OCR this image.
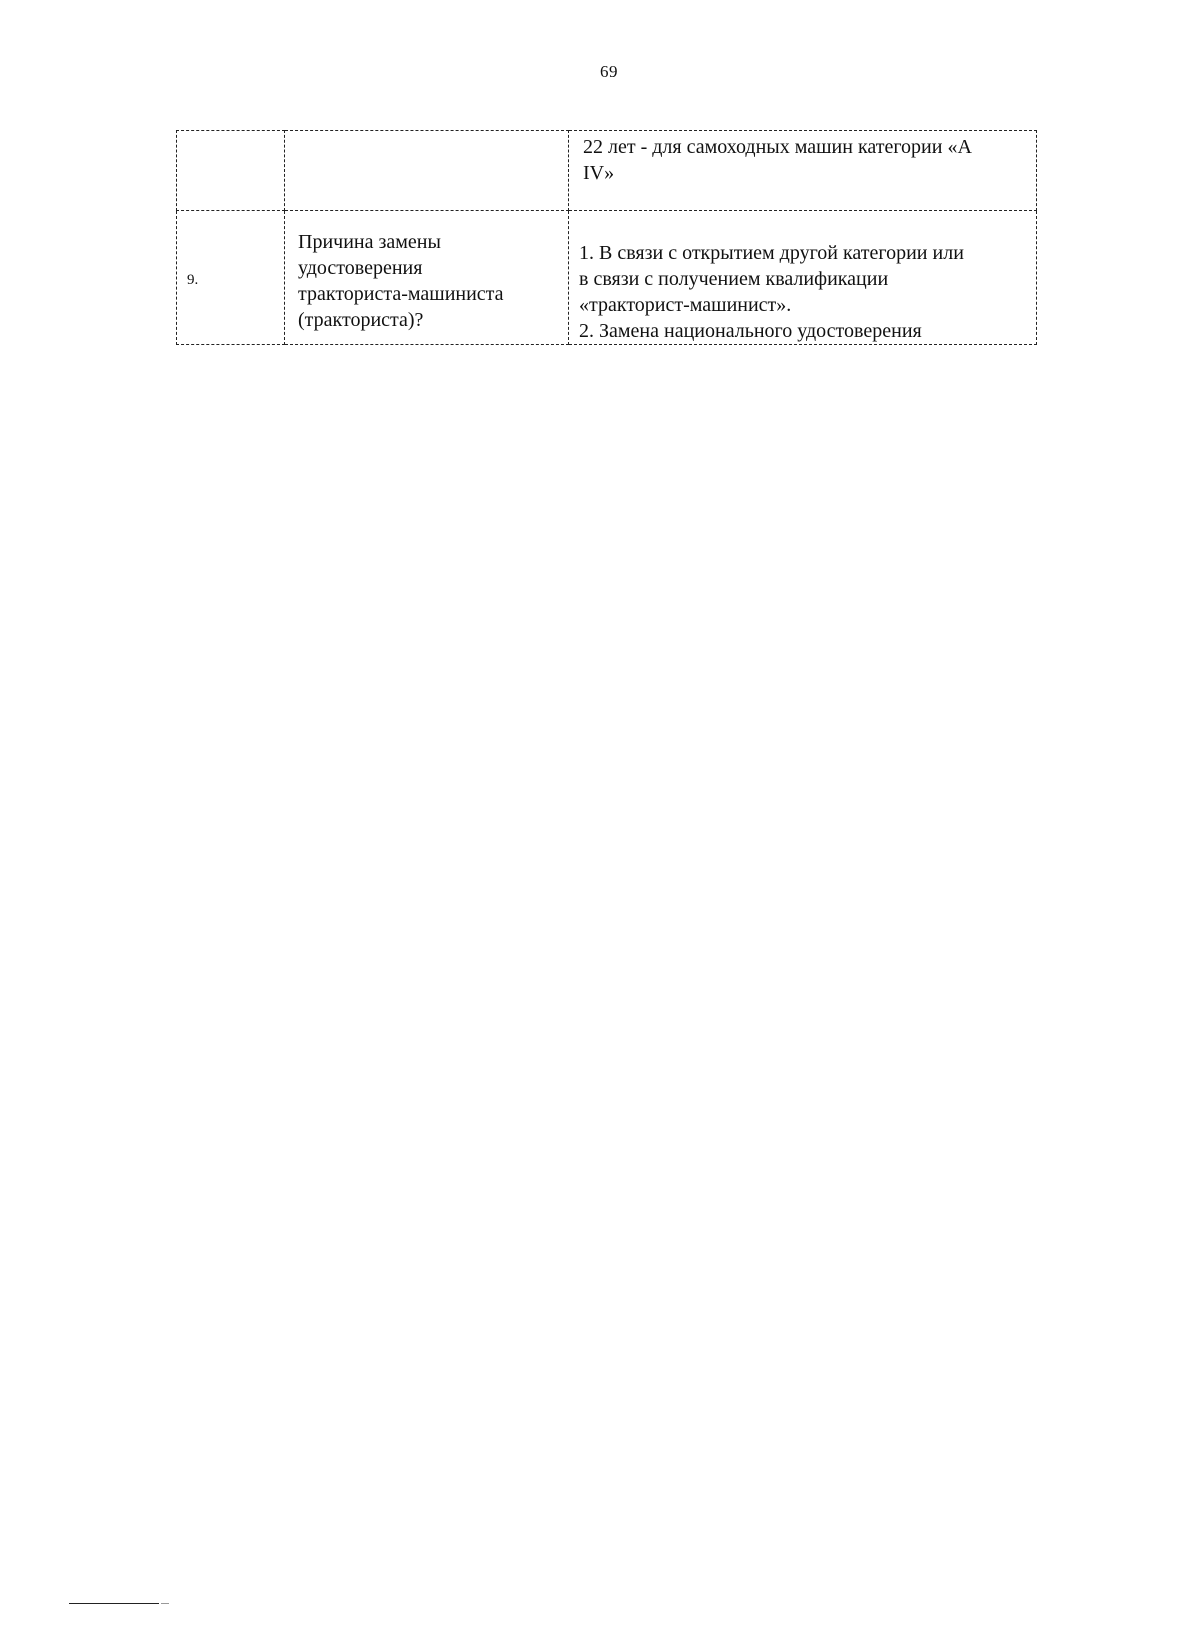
69

		22 лет - для самоходных машин категории «А
IV»

9.	Причина замены
удостоверения
тракториста-машиниста
(тракториста)?	1. В связи с открытием другой категории или
в связи с получением квалификации
«тракторист-машинист».
2. Замена национального удостоверения
